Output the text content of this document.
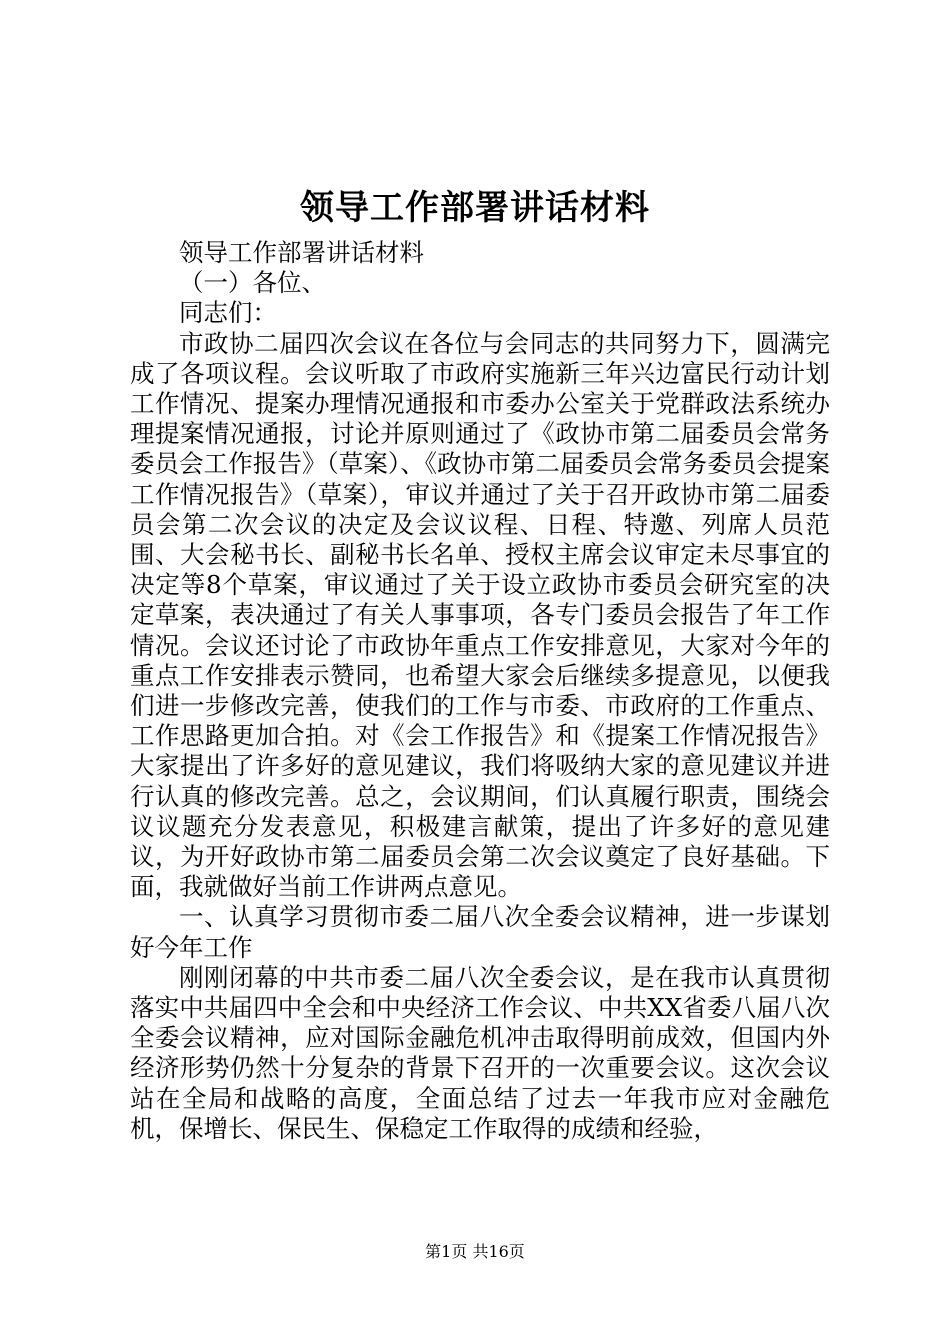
领导工作部署讲话材料

领导工作部署讲话材料

（一）各位、

同志们：

市政协二届四次会议在各位与会同志的共同努力下，圆满完成了各项议程。会议听取了市政府实施新三年兴边富民行动计划工作情况、提案办理情况通报和市委办公室关于党群政法系统办理提案情况通报，讨论并原则通过了《政协市第二届委员会常务委员会工作报告》（草案）、《政协市第二届委员会常务委员会提案工作情况报告》（草案），审议并通过了关于召开政协市第二届委员会第二次会议的决定及会议议程、日程、特邀、列席人员范围、大会秘书长、副秘书长名单、授权主席会议审定未尽事宜的决定等8个草案，审议通过了关于设立政协市委员会研究室的决定草案，表决通过了有关人事事项，各专门委员会报告了年工作情况。会议还讨论了市政协年重点工作安排意见，大家对今年的重点工作安排表示赞同，也希望大家会后继续多提意见，以便我们进一步修改完善，使我们的工作与市委、市政府的工作重点、工作思路更加合拍。对《会工作报告》和《提案工作情况报告》大家提出了许多好的意见建议，我们将吸纳大家的意见建议并进行认真的修改完善。总之，会议期间，们认真履行职责，围绕会议议题充分发表意见，积极建言献策，提出了许多好的意见建议，为开好政协市第二届委员会第二次会议奠定了良好基础。下面，我就做好当前工作讲两点意见。

一、认真学习贯彻市委二届八次全委会议精神，进一步谋划好今年工作

刚刚闭幕的中共市委二届八次全委会议，是在我市认真贯彻落实中共届四中全会和中央经济工作会议、中共XX省委八届八次全委会议精神，应对国际金融危机冲击取得明前成效，但国内外经济形势仍然十分复杂的背景下召开的一次重要会议。这次会议站在全局和战略的高度，全面总结了过去一年我市应对金融危机，保增长、保民生、保稳定工作取得的成绩和经验，

第1页 共16页
